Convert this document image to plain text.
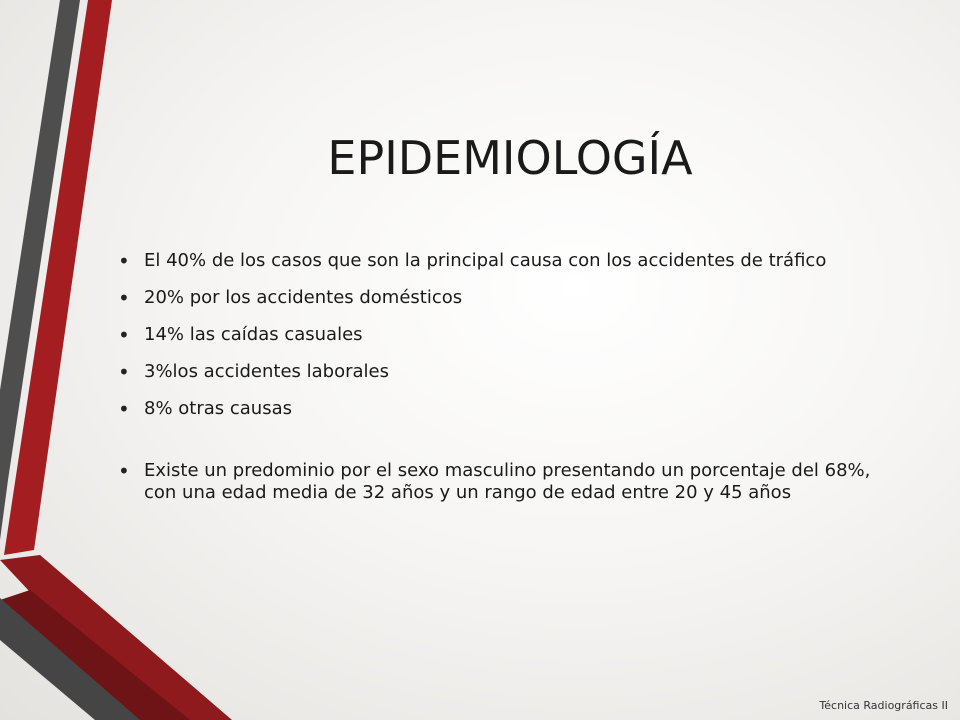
EPIDEMIOLOGÍA
• El 40% de los casos que son la principal causa con los accidentes de tráfico
• 20% por los accidentes domésticos
• 14% las caídas casuales
• 3%los accidentes laborales
• 8% otras causas
• Existe un predominio por el sexo masculino presentando un porcentaje del 68%, con una edad media de 32 años y un rango de edad entre 20 y 45 años
Técnica Radiográficas II
